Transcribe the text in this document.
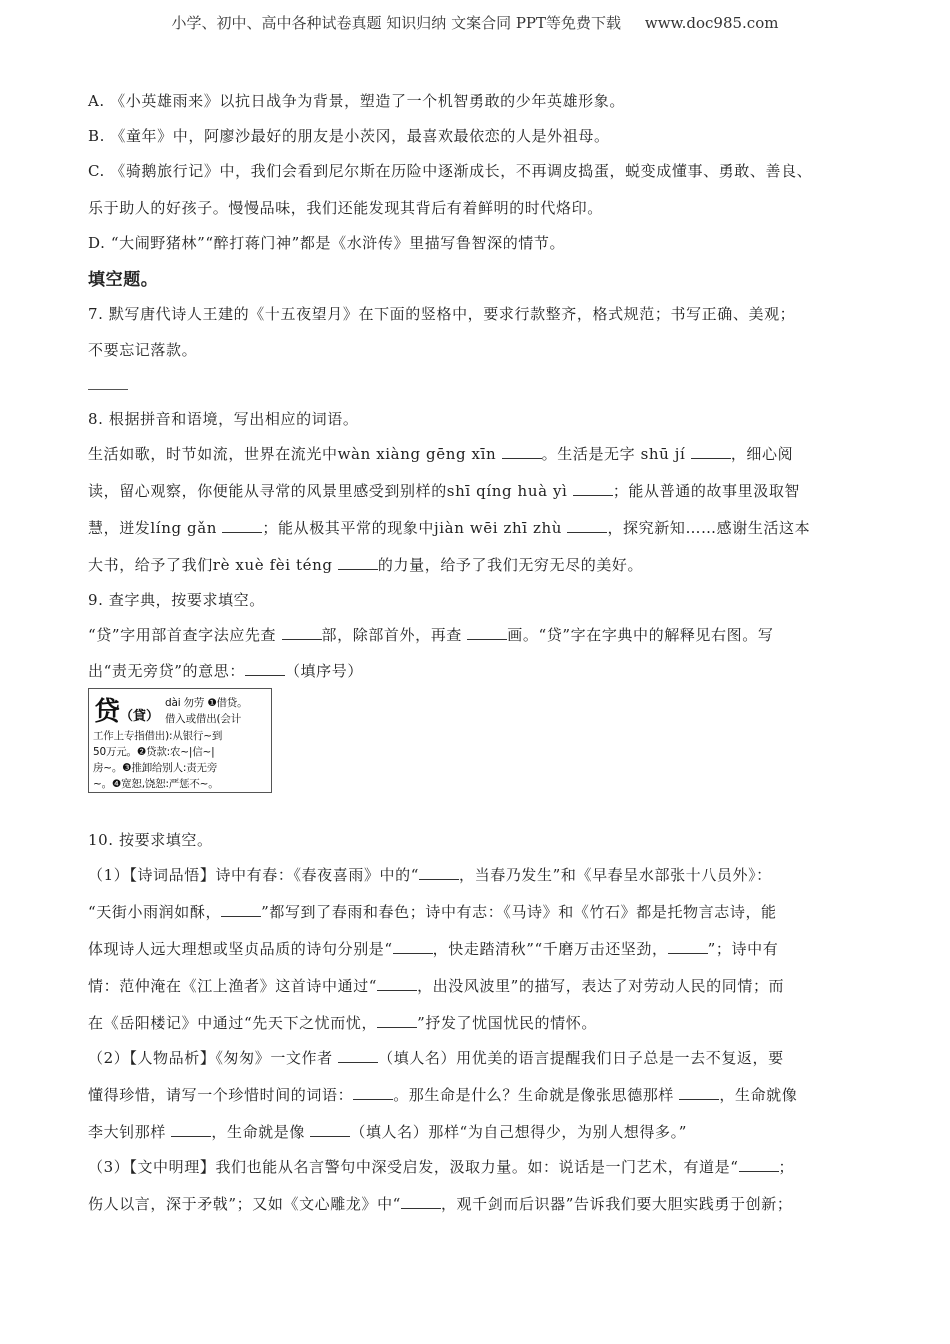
小学、初中、高中各种试卷真题 知识归纳 文案合同 PPT等免费下载     www.doc985.com
A. 《小英雄雨来》以抗日战争为背景，塑造了一个机智勇敢的少年英雄形象。
B. 《童年》中，阿廖沙最好的朋友是小茨冈，最喜欢最依恋的人是外祖母。
C. 《骑鹅旅行记》中，我们会看到尼尔斯在历险中逐渐成长，不再调皮捣蛋，蜕变成懂事、勇敢、善良、
乐于助人的好孩子。慢慢品味，我们还能发现其背后有着鲜明的时代烙印。
D. “大闹野猪林”“醉打蒋门神”都是《水浒传》里描写鲁智深的情节。
填空题。
7. 默写唐代诗人王建的《十五夜望月》在下面的竖格中，要求行款整齐，格式规范；书写正确、美观；
不要忘记落款。
8. 根据拼音和语境，写出相应的词语。
生活如歌，时节如流，世界在流光中wàn xiàng gēng xīn	。生活是无字 shū jí	，细心阅
读，留心观察，你便能从寻常的风景里感受到别样的shī qíng huà yì	；能从普通的故事里汲取智
慧，迸发líng gǎn	；能从极其平常的现象中jiàn wēi zhī zhù	，探究新知……感谢生活这本
大书，给予了我们rè xuè fèi téng	的力量，给予了我们无穷无尽的美好。
9. 查字典，按要求填空。
“贷”字用部首查字法应先查	部，除部首外，再查	画。“贷”字在字典中的解释见右图。写
出“责无旁贷”的意思：	（填序号）
10. 按要求填空。
（1）【诗词品悟】诗中有春：《春夜喜雨》中的“	，当春乃发生”和《早春呈水部张十八员外》：
“天街小雨润如酥，	”都写到了春雨和春色；诗中有志：《马诗》和《竹石》都是托物言志诗，能
体现诗人远大理想或坚贞品质的诗句分别是“	，快走踏清秋”“千磨万击还坚劲，	”；诗中有
情：范仲淹在《江上渔者》这首诗中通过“	，出没风波里”的描写，表达了对劳动人民的同情；而
在《岳阳楼记》中通过“先天下之忧而忧，	”抒发了忧国忧民的情怀。
（2）【人物品析】《匆匆》一文作者	（填人名）用优美的语言提醒我们日子总是一去不复返，要
懂得珍惜，请写一个珍惜时间的词语：	。那生命是什么？生命就是像张思德那样	，生命就像
李大钊那样	，生命就是像	（填人名）那样“为自己想得少，为别人想得多。”
（3）【文中明理】我们也能从名言警句中深受启发，汲取力量。如：说话是一门艺术，有道是“	；
伤人以言，深于矛戟”；又如《文心雕龙》中“	，观千剑而后识器”告诉我们要大胆实践勇于创新；
贷（貸）
dài 勿劳 ❶借贷。
借入或借出(会计
工作上专指借出):从银行~到
50万元。❷贷款:农~|信~|
房~。❸推卸给别人:责无旁
~。❹宽恕,饶恕:严惩不~。
